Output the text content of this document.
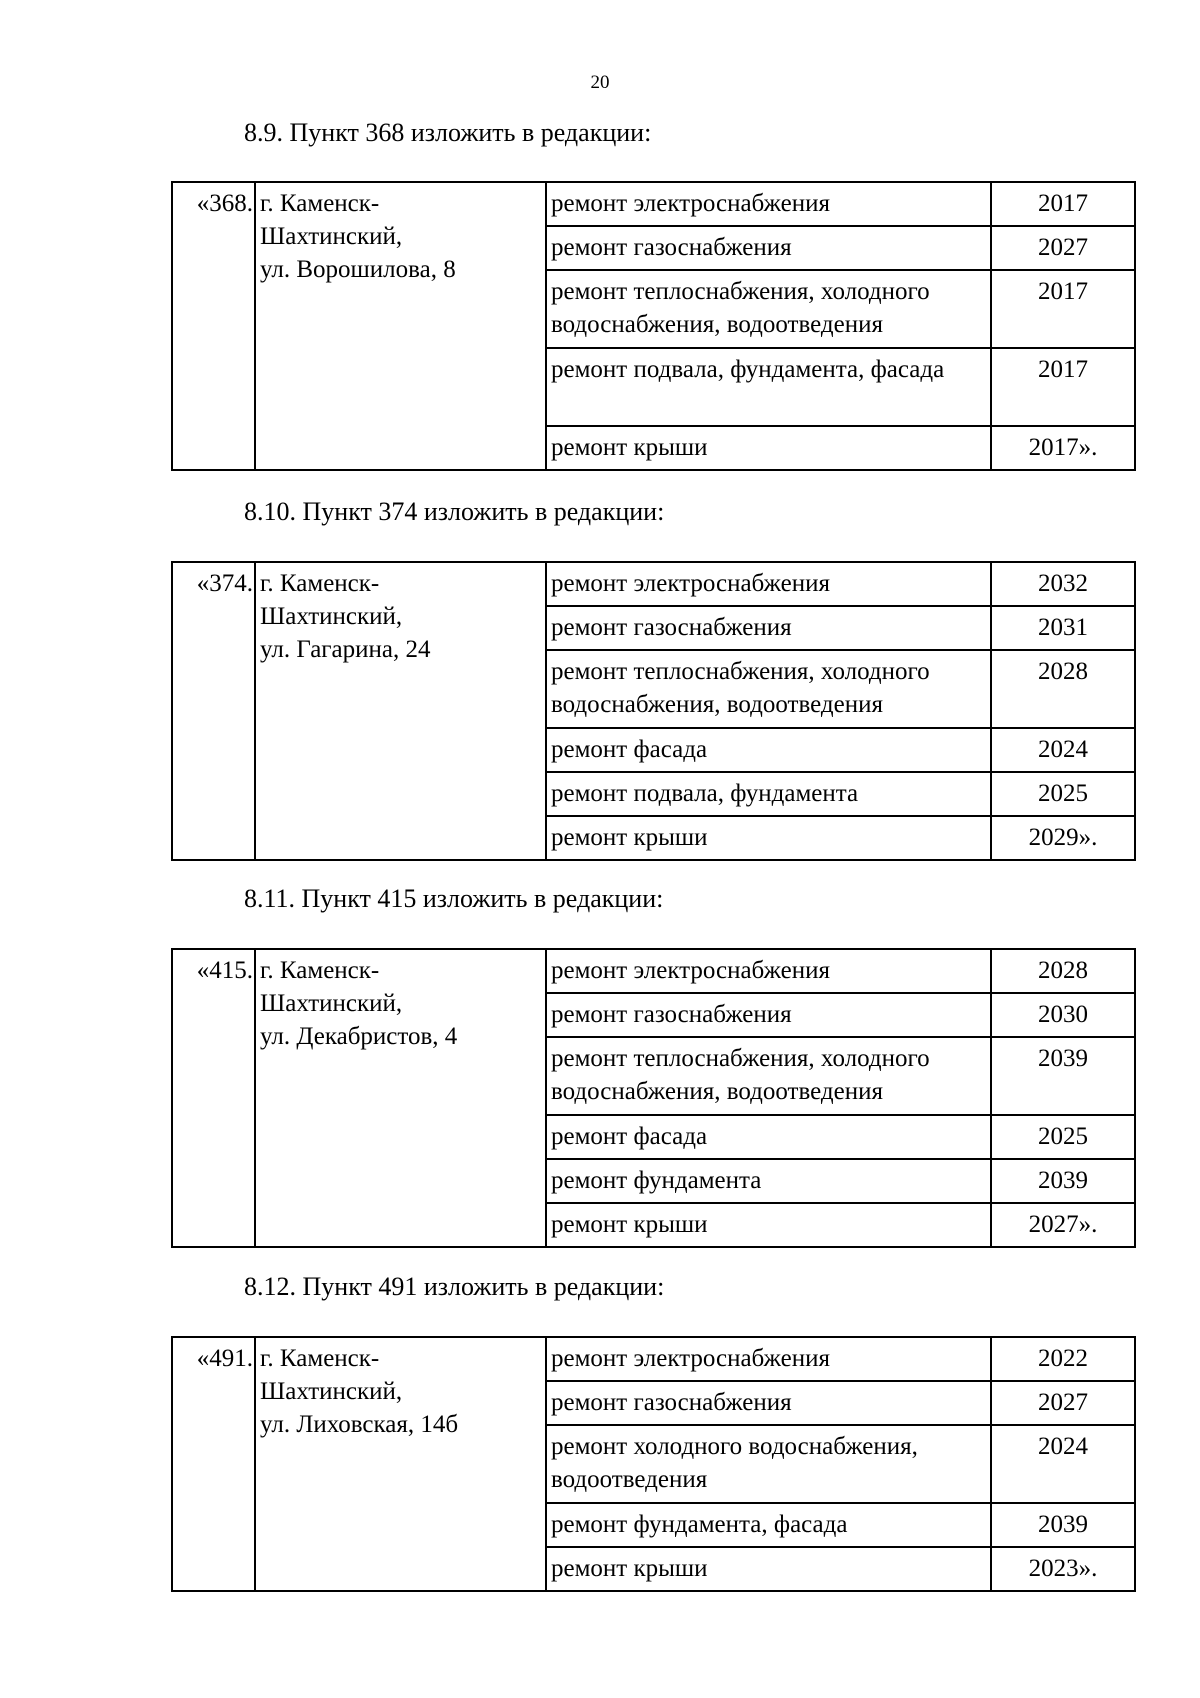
20
8.9. Пункт 368 изложить в редакции:
«368.	г. Каменск-
Шахтинский,
ул. Ворошилова, 8	ремонт электроснабжения	2017
		ремонт газоснабжения	2027
		ремонт теплоснабжения, холодного водоснабжения, водоотведения	2017
		ремонт подвала, фундамента, фасада	2017
		ремонт крыши	2017».
8.10. Пункт 374 изложить в редакции:
«374.	г. Каменск-
Шахтинский,
ул. Гагарина, 24	ремонт электроснабжения	2032
		ремонт газоснабжения	2031
		ремонт теплоснабжения, холодного водоснабжения, водоотведения	2028
		ремонт фасада	2024
		ремонт подвала, фундамента	2025
		ремонт крыши	2029».
8.11. Пункт 415 изложить в редакции:
«415.	г. Каменск-
Шахтинский,
ул. Декабристов, 4	ремонт электроснабжения	2028
		ремонт газоснабжения	2030
		ремонт теплоснабжения, холодного водоснабжения, водоотведения	2039
		ремонт фасада	2025
		ремонт фундамента	2039
		ремонт крыши	2027».
8.12. Пункт 491 изложить в редакции:
«491.	г. Каменск-
Шахтинский,
ул. Лиховская, 14б	ремонт электроснабжения	2022
		ремонт газоснабжения	2027
		ремонт холодного водоснабжения, водоотведения	2024
		ремонт фундамента, фасада	2039
		ремонт крыши	2023».
